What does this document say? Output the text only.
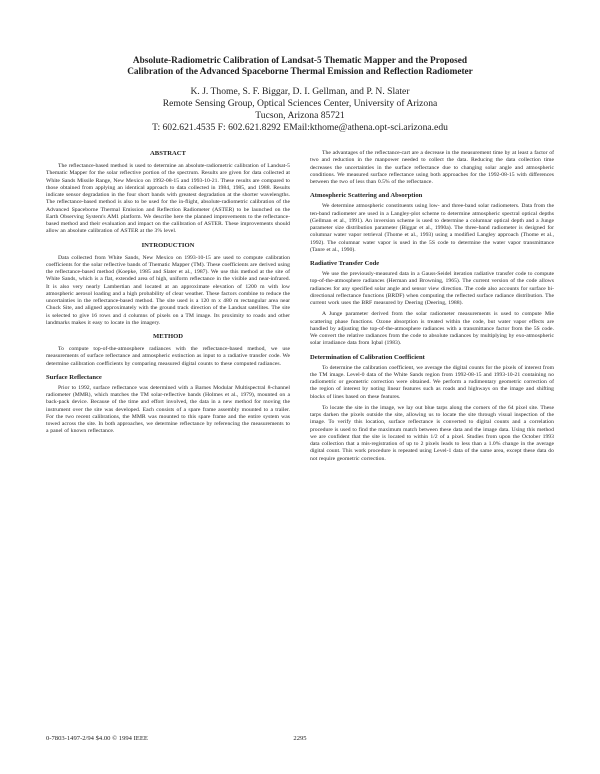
Absolute-Radiometric Calibration of Landsat-5 Thematic Mapper and the Proposed
Calibration of the Advanced Spaceborne Thermal Emission and Reflection Radiometer
K. J. Thome, S. F. Biggar, D. I. Gellman, and P. N. Slater
Remote Sensing Group, Optical Sciences Center, University of Arizona
Tucson, Arizona 85721
T: 602.621.4535 F: 602.621.8292 EMail:kthome@athena.opt-sci.arizona.edu
ABSTRACT

The reflectance-based method is used to determine an absolute-radiometric calibration of Landsat-5 Thematic Mapper for the solar reflective portion of the spectrum. Results are given for data collected at White Sands Missile Range, New Mexico on 1992-08-15 and 1993-10-21. These results are compared to those obtained from applying an identical approach to data collected in 1984, 1985, and 1988. Results indicate sensor degradation in the four short bands with greatest degradation at the shorter wavelengths. The reflectance-based method is also to be used for the in-flight, absolute-radiometric calibration of the Advanced Spaceborne Thermal Emission and Reflection Radiometer (ASTER) to be launched on the Earth Observing System's AM1 platform. We describe here the planned improvements to the reflectance-based method and their evaluation and impact on the calibration of ASTER. These improvements should allow an absolute calibration of ASTER at the 3% level.

INTRODUCTION

Data collected from White Sands, New Mexico on 1993-10-15 are used to compute calibration coefficients for the solar reflective bands of Thematic Mapper (TM). These coefficients are derived using the reflectance-based method (Koepke, 1985 and Slater et al., 1987). We use this method at the site of White Sands, which is a flat, extended area of high, uniform reflectance in the visible and near-infrared. It is also very nearly Lambertian and located at an approximate elevation of 1200 m with low atmospheric aerosol loading and a high probability of clear weather. These factors combine to reduce the uncertainties in the reflectance-based method. The site used is a 120 m x 480 m rectangular area near Chuck Site, and aligned approximately with the ground track direction of the Landsat satellites. The site is selected to give 16 rows and 4 columns of pixels on a TM image. Its proximity to roads and other landmarks makes it easy to locate in the imagery.

METHOD

To compute top-of-the-atmosphere radiances with the reflectance-based method, we use measurements of surface reflectance and atmospheric extinction as input to a radiative transfer code. We determine calibration coefficients by comparing measured digital counts to these computed radiances.

Surface Reflectance

Prior to 1992, surface reflectance was determined with a Barnes Modular Multispectral 8-channel radiometer (MMR), which matches the TM solar-reflective bands (Holmes et al., 1979), mounted on a back-pack device. Because of the time and effort involved, the data in a new method for moving the instrument over the site was developed. Each consists of a spare frame assembly mounted to a trailer. For the two recent calibrations, the MMR was mounted to this spare frame and the entire system was towed across the site. In both approaches, we determine reflectance by referencing the measurements to a panel of known reflectance.

The advantages of the reflectance-cart are a decrease in the measurement time by at least a factor of two and reduction in the manpower needed to collect the data. Reducing the data collection time decreases the uncertainties in the surface reflectance due to changing solar angle and atmospheric conditions. We measured surface reflectance using both approaches for the 1992-08-15 with differences between the two of less than 0.5% of the reflectance.

Atmospheric Scattering and Absorption

We determine atmospheric constituents using low- and three-band solar radiometers. Data from the ten-band radiometer are used in a Langley-plot scheme to determine atmospheric spectral optical depths (Gellman et al., 1991). An inversion scheme is used to determine a columnar optical depth and a Junge parameter size distribution parameter (Biggar et al., 1990a). The three-band radiometer is designed for columnar water vapor retrieval (Thome et al., 1993) using a modified Langley approach (Thome et al., 1992). The columnar water vapor is used in the 5S code to determine the water vapor transmittance (Tanre et al., 1990).

Radiative Transfer Code

We use the previously-measured data in a Gauss-Seidel iteration radiative transfer code to compute top-of-the-atmosphere radiances (Herman and Browning, 1965). The current version of the code allows radiances for any specified solar angle and sensor view direction. The code also accounts for surface bi-directional reflectance functions (BRDF) when computing the reflected surface radiance distribution. The current work uses the BRF measured by Deering (Deering, 1988).

A Junge parameter derived from the solar radiometer measurements is used to compute Mie scattering phase functions. Ozone absorption is treated within the code, but water vapor effects are handled by adjusting the top-of-the-atmosphere radiances with a transmittance factor from the 5S code. We convert the relative radiances from the code to absolute radiances by multiplying by exo-atmospheric solar irradiance data from Iqbal (1983).

Determination of Calibration Coefficient

To determine the calibration coefficient, we average the digital counts for the pixels of interest from the TM image. Level-0 data of the White Sands region from 1992-08-15 and 1993-10-21 containing no radiometric or geometric correction were obtained. We perform a rudimentary geometric correction of the region of interest by noting linear features such as roads and highways on the image and shifting blocks of lines based on these features.

To locate the site in the image, we lay out blue tarps along the corners of the 64 pixel site. These tarps darken the pixels outside the site, allowing us to locate the site through visual inspection of the image. To verify this location, surface reflectance is converted to digital counts and a correlation procedure is used to find the maximum match between these data and the image data. Using this method we are confident that the site is located to within 1/2 of a pixel. Studies from upon the October 1993 data collection that a mis-registration of up to 2 pixels leads to less than a 1.0% change in the average digital count. This work procedure is repeated using Level-1 data of the same area, except these data do not require geometric correction.

0-7803-1497-2/94 $4.00 © 1994 IEEE	2295
